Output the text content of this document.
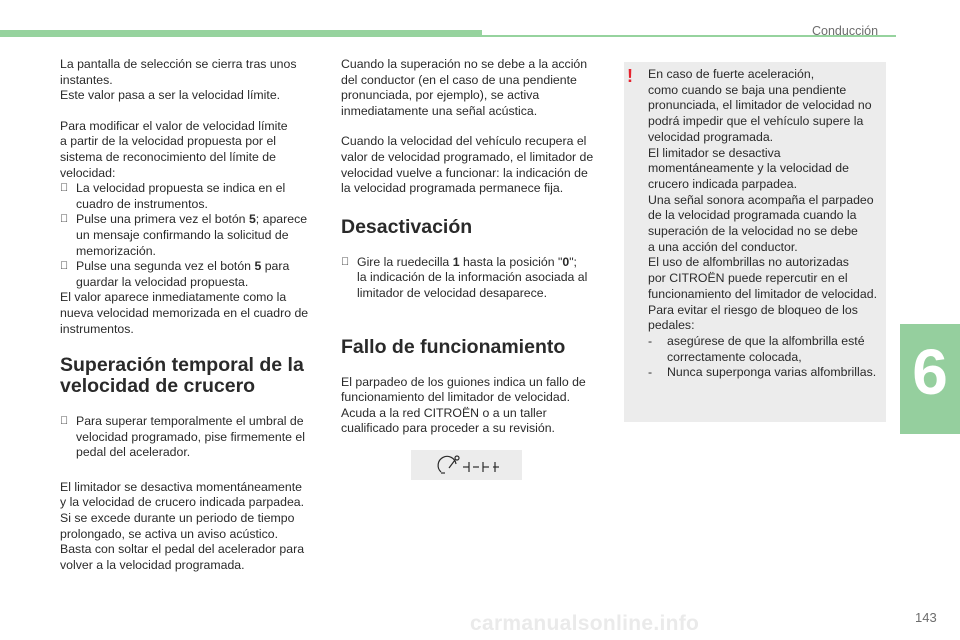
Conducción
6

La pantalla de selección se cierra tras unos
instantes.
Este valor pasa a ser la velocidad límite.

Para modificar el valor de velocidad límite
a partir de la velocidad propuesta por el
sistema de reconocimiento del límite de
velocidad:

La velocidad propuesta se indica en el
cuadro de instrumentos.
Pulse una primera vez el botón 5; aparece
un mensaje confirmando la solicitud de
memorización.
Pulse una segunda vez el botón 5 para
guardar la velocidad propuesta.

El valor aparece inmediatamente como la
nueva velocidad memorizada en el cuadro de
instrumentos.

Superación temporal de la
velocidad de crucero

Para superar temporalmente el umbral de
velocidad programado, pise firmemente el
pedal del acelerador.

El limitador se desactiva momentáneamente
y la velocidad de crucero indicada parpadea.
Si se excede durante un periodo de tiempo
prolongado, se activa un aviso acústico.
Basta con soltar el pedal del acelerador para
volver a la velocidad programada.

Cuando la superación no se debe a la acción
del conductor (en el caso de una pendiente
pronunciada, por ejemplo), se activa
inmediatamente una señal acústica.

Cuando la velocidad del vehículo recupera el
valor de velocidad programado, el limitador de
velocidad vuelve a funcionar: la indicación de
la velocidad programada permanece fija.

Desactivación

Gire la ruedecilla 1 hasta la posición "0";
la indicación de la información asociada al
limitador de velocidad desaparece.

Fallo de funcionamiento

El parpadeo de los guiones indica un fallo de
funcionamiento del limitador de velocidad.
Acuda a la red CITROËN o a un taller
cualificado para proceder a su revisión.

! En caso de fuerte aceleración,
como cuando se baja una pendiente
pronunciada, el limitador de velocidad no
podrá impedir que el vehículo supere la
velocidad programada.
El limitador se desactiva
momentáneamente y la velocidad de
crucero indicada parpadea.
Una señal sonora acompaña el parpadeo
de la velocidad programada cuando la
superación de la velocidad no se debe
a una acción del conductor.
El uso de alfombrillas no autorizadas
por CITROËN puede repercutir en el
funcionamiento del limitador de velocidad.
Para evitar el riesgo de bloqueo de los
pedales:

-	asegúrese de que la alfombrilla esté
correctamente colocada,
-	Nunca superponga varias alfombrillas.
carmanualsonline.info	143
